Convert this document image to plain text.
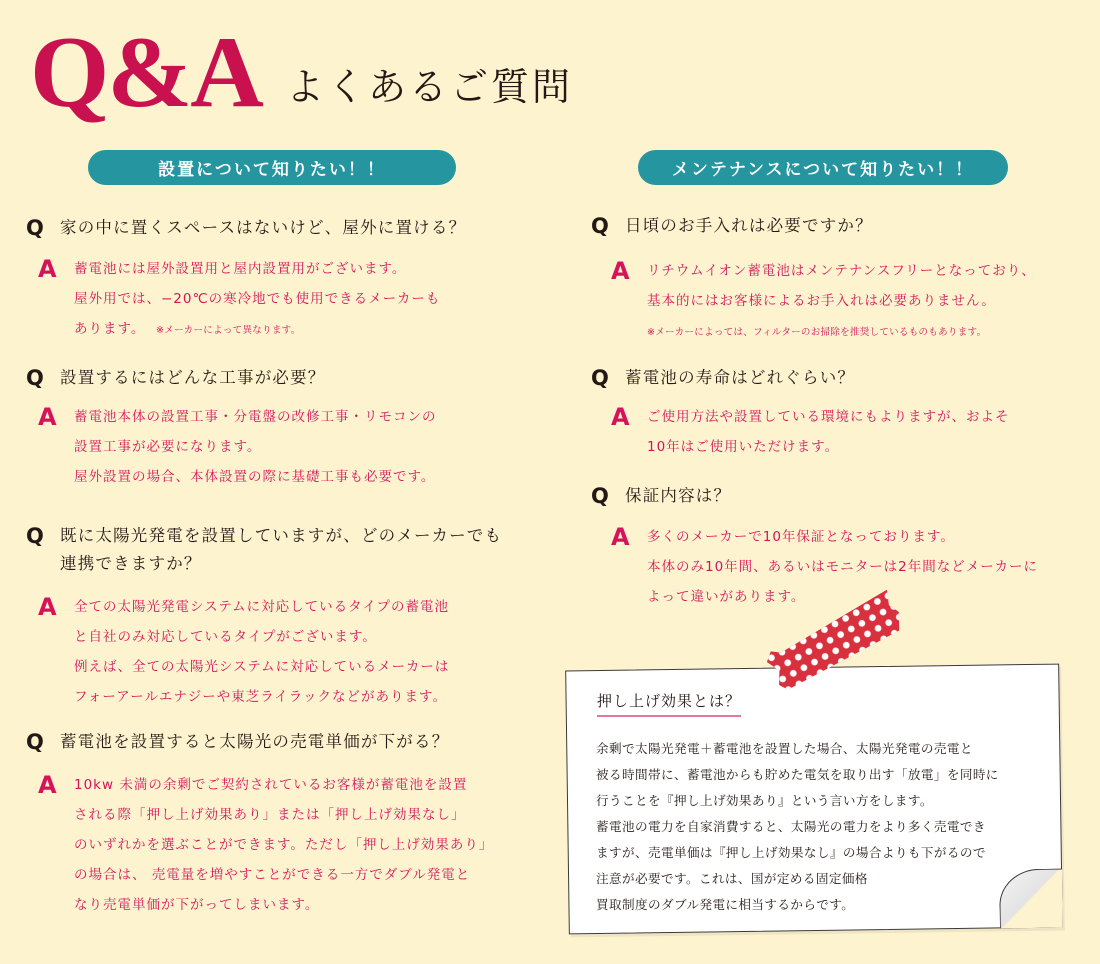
Q&A よくあるご質問
設置について知りたい！！	メンテナンスについて知りたい！！
Q 家の中に置くスペースはないけど、屋外に置ける？
A	蓄電池には屋外設置用と屋内設置用がございます。
屋外用では、−20℃の寒冷地でも使用できるメーカーも
あります。 ※メーカーによって異なります。
Q 設置するにはどんな工事が必要？
A	蓄電池本体の設置工事・分電盤の改修工事・リモコンの
設置工事が必要になります。
屋外設置の場合、本体設置の際に基礎工事も必要です。
Q 既に太陽光発電を設置していますが、どのメーカーでも
連携できますか？
A	全ての太陽光発電システムに対応しているタイプの蓄電池
と自社のみ対応しているタイプがございます。
例えば、全ての太陽光システムに対応しているメーカーは
フォーアールエナジーや東芝ライラックなどがあります。
Q 蓄電池を設置すると太陽光の売電単価が下がる？
A	10kw 未満の余剰でご契約されているお客様が蓄電池を設置
される際「押し上げ効果あり」または「押し上げ効果なし」
のいずれかを選ぶことができます。ただし「押し上げ効果あり」
の場合は、 売電量を増やすことができる一方でダブル発電と
なり売電単価が下がってしまいます。
Q 日頃のお手入れは必要ですか？
A	リチウムイオン蓄電池はメンテナンスフリーとなっており、
基本的にはお客様によるお手入れは必要ありません。
※メーカーによっては、フィルターのお掃除を推奨しているものもあります。
Q 蓄電池の寿命はどれぐらい？
A	ご使用方法や設置している環境にもよりますが、およそ
10年はご使用いただけます。
Q 保証内容は？
A	多くのメーカーで10年保証となっております。
本体のみ10年間、あるいはモニターは2年間などメーカーに
よって違いがあります。
押し上げ効果とは？
余剰で太陽光発電＋蓄電池を設置した場合、太陽光発電の売電と
被る時間帯に、蓄電池からも貯めた電気を取り出す「放電」を同時に
行うことを『押し上げ効果あり』という言い方をします。
蓄電池の電力を自家消費すると、太陽光の電力をより多く売電でき
ますが、売電単価は『押し上げ効果なし』の場合よりも下がるので
注意が必要です。これは、国が定める固定価格
買取制度のダブル発電に相当するからです。
